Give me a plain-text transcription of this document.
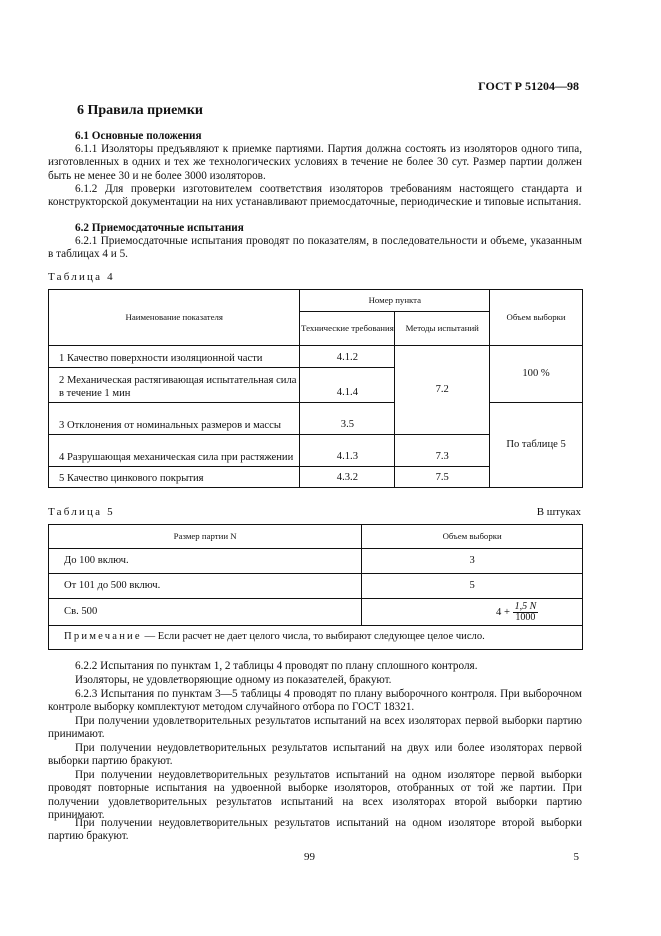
ГОСТ Р 51204—98
6 Правила приемки
6.1 Основные положения
6.1.1 Изоляторы предъявляют к приемке партиями. Партия должна состоять из изоляторов одного типа, изготовленных в одних и тех же технологических условиях в течение не более 30 сут. Размер партии должен быть не менее 30 и не более 3000 изоляторов.
6.1.2 Для проверки изготовителем соответствия изоляторов требованиям настоящего стандарта и конструкторской документации на них устанавливают приемосдаточные, периодические и типовые испытания.
6.2 Приемосдаточные испытания
6.2.1 Приемосдаточные испытания проводят по показателям, в последовательности и объеме, указанным в таблицах 4 и 5.
Таблица 4
Наименование показателя	Номер пункта		Объем выборки
	Технические требования	Методы испытаний	
1 Качество поверхности изоляционной части	4.1.2	7.2	100 %
2 Механическая растягивающая испытательная сила в течение 1 мин	4.1.4		
3 Отклонения от номинальных размеров и массы	3.5		По таблице 5
4 Разрушающая механическая сила при растяжении	4.1.3	7.3	
5 Качество цинкового покрытия	4.3.2	7.5	
Таблица 5	В штуках
Размер партии N	Объем выборки
До 100 включ.	3
От 101 до 500 включ.	5
Св. 500	$4 + \frac{1,5 N}{1000}$

Примечание — Если расчет не дает целого числа, то выбирают следующее целое число.	
6.2.2 Испытания по пунктам 1, 2 таблицы 4 проводят по плану сплошного контроля.
Изоляторы, не удовлетворяющие одному из показателей, бракуют.
6.2.3 Испытания по пунктам 3—5 таблицы 4 проводят по плану выборочного контроля. При выборочном контроле выборку комплектуют методом случайного отбора по ГОСТ 18321.
При получении удовлетворительных результатов испытаний на всех изоляторах первой выборки партию принимают.
При получении неудовлетворительных результатов испытаний на двух или более изоляторах первой выборки партию бракуют.
При получении неудовлетворительных результатов испытаний на одном изоляторе первой выборки проводят повторные испытания на удвоенной выборке изоляторов, отобранных от той же партии. При получении удовлетворительных результатов испытаний на всех изоляторах второй выборки партию принимают.
При получении неудовлетворительных результатов испытаний на одном изоляторе второй выборки партию бракуют.
99	5
